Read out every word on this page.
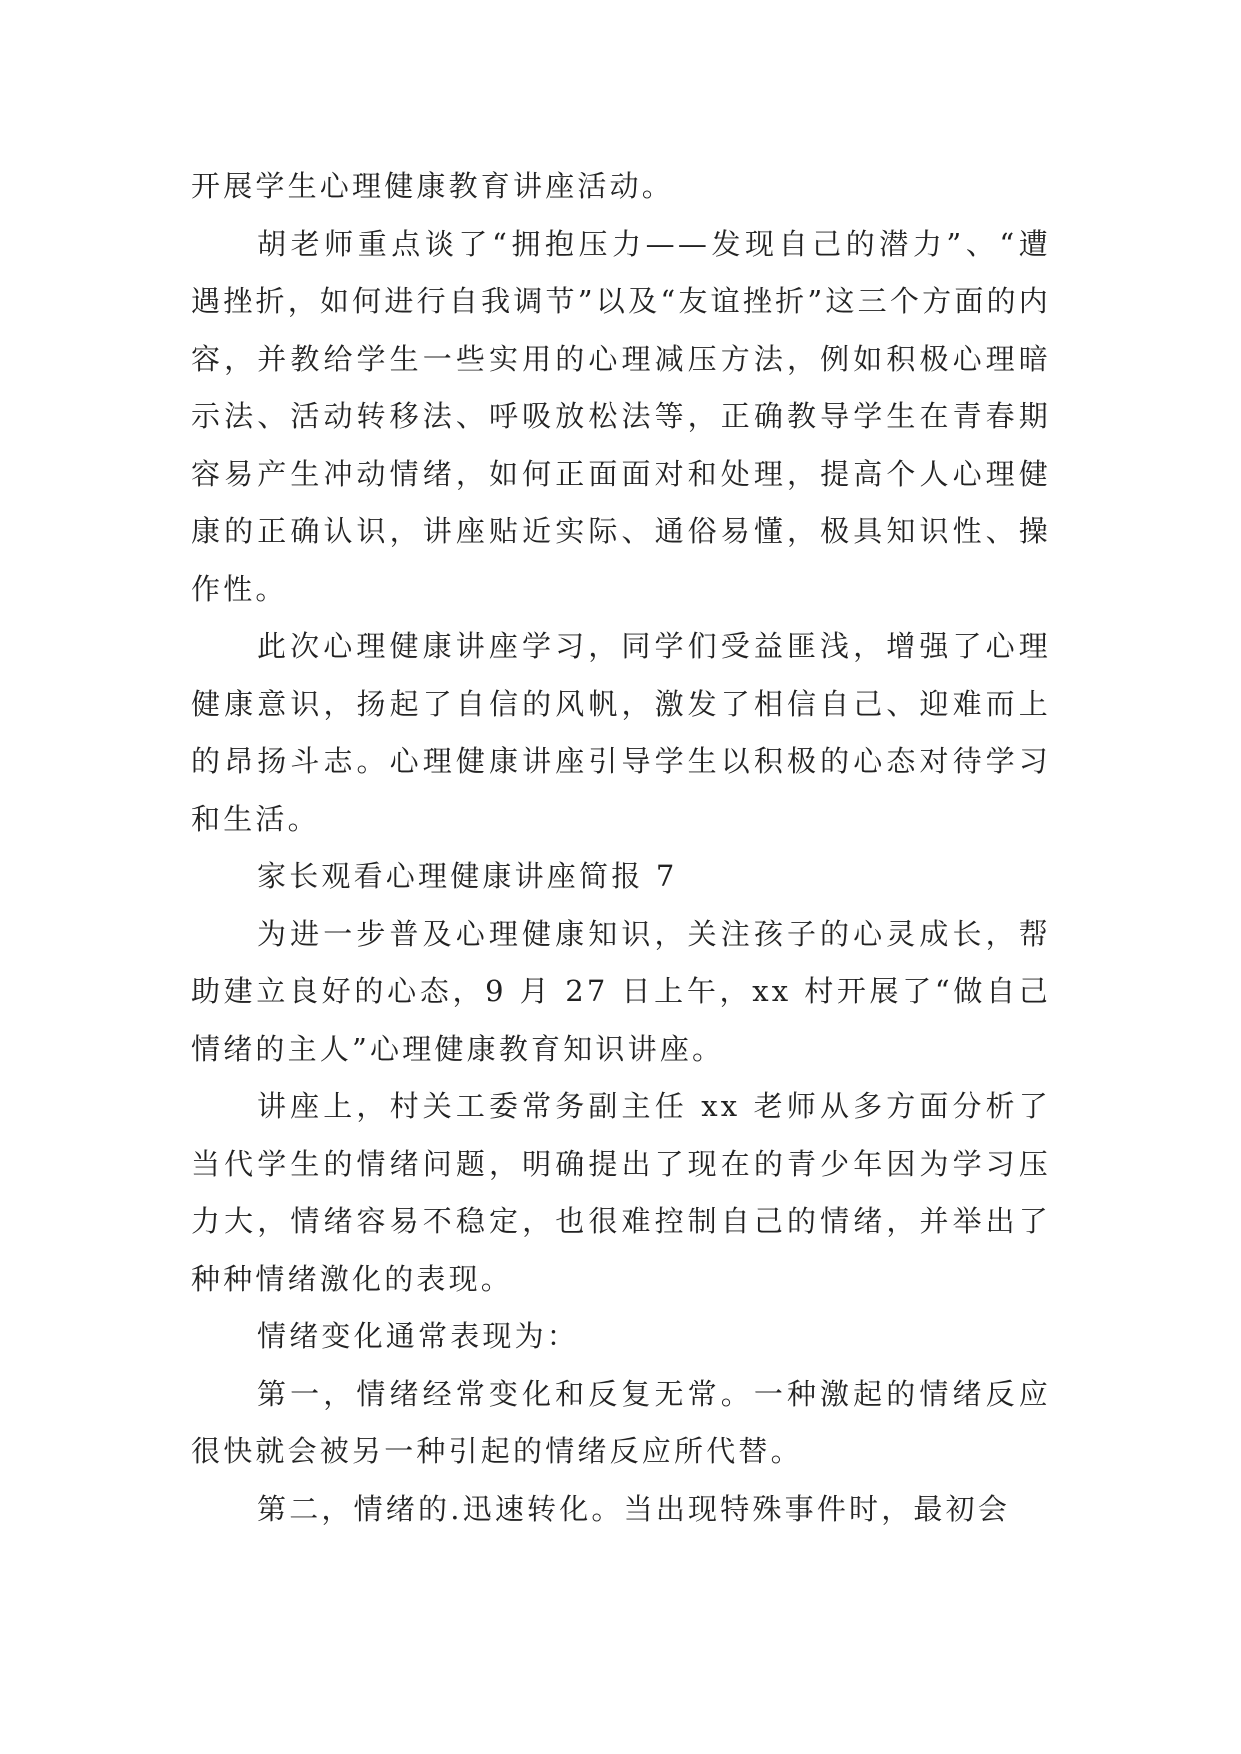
开展学生心理健康教育讲座活动。

胡老师重点谈了“拥抱压力——发现自己的潜力”、“遭遇挫折，如何进行自我调节”以及“友谊挫折”这三个方面的内容，并教给学生一些实用的心理减压方法，例如积极心理暗示法、活动转移法、呼吸放松法等，正确教导学生在青春期容易产生冲动情绪，如何正面面对和处理，提高个人心理健康的正确认识，讲座贴近实际、通俗易懂，极具知识性、操作性。

此次心理健康讲座学习，同学们受益匪浅，增强了心理健康意识，扬起了自信的风帆，激发了相信自己、迎难而上的昂扬斗志。心理健康讲座引导学生以积极的心态对待学习和生活。

家长观看心理健康讲座简报 7

为进一步普及心理健康知识，关注孩子的心灵成长，帮助建立良好的心态，9 月 27 日上午，xx 村开展了“做自己情绪的主人”心理健康教育知识讲座。

讲座上，村关工委常务副主任 xx 老师从多方面分析了当代学生的情绪问题，明确提出了现在的青少年因为学习压力大，情绪容易不稳定，也很难控制自己的情绪，并举出了种种情绪激化的表现。

情绪变化通常表现为：

第一，情绪经常变化和反复无常。一种激起的情绪反应很快就会被另一种引起的情绪反应所代替。

第二，情绪的.迅速转化。当出现特殊事件时，最初会
